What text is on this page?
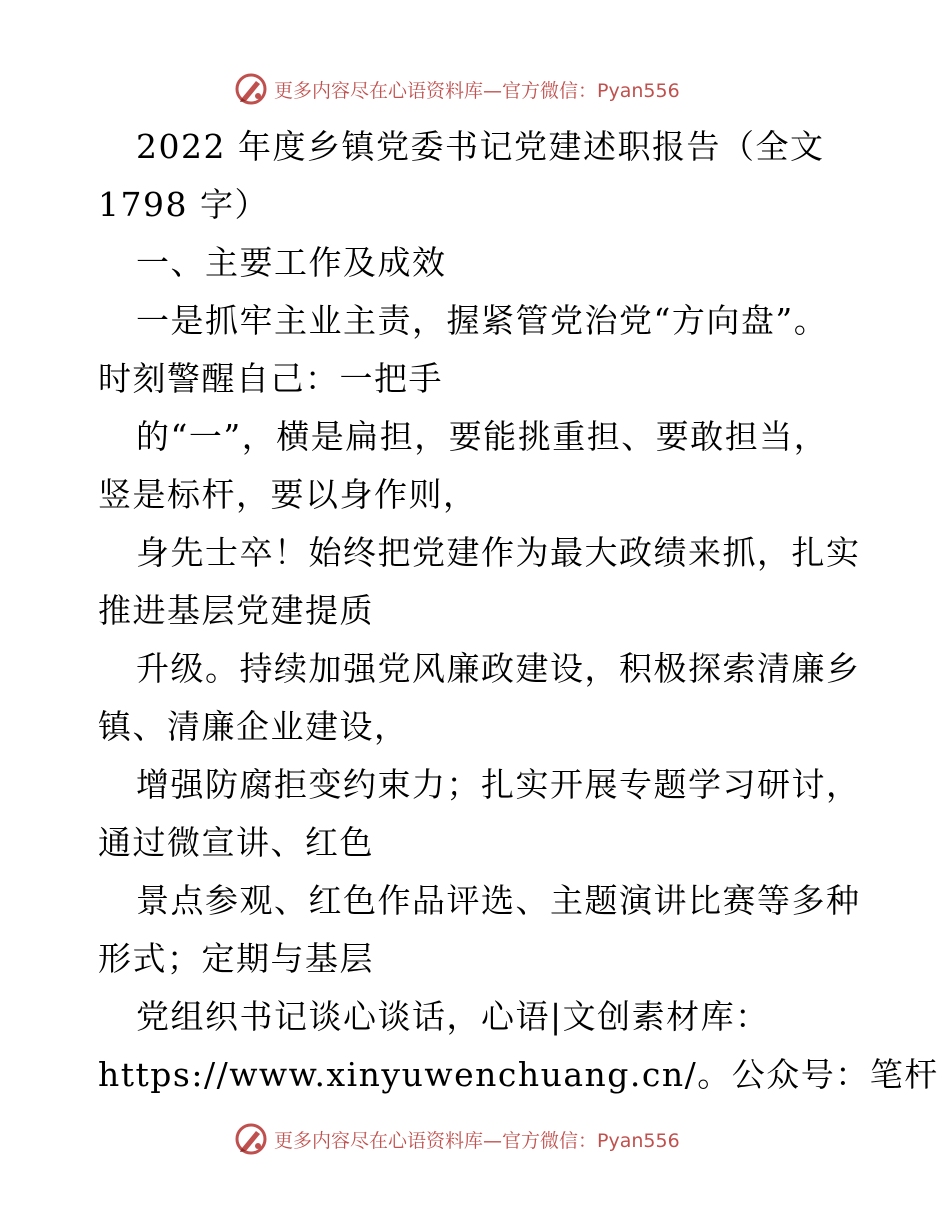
更多内容尽在心语资料库—官方微信：Pyan556
2022 年度乡镇党委书记党建述职报告（全文
1798 字）
一、主要工作及成效
一是抓牢主业主责，握紧管党治党“方向盘”。
时刻警醒自己：一把手
的“一”，横是扁担，要能挑重担、要敢担当，
竖是标杆，要以身作则，
身先士卒！始终把党建作为最大政绩来抓，扎实
推进基层党建提质
升级。持续加强党风廉政建设，积极探索清廉乡
镇、清廉企业建设，
增强防腐拒变约束力；扎实开展专题学习研讨，
通过微宣讲、红色
景点参观、红色作品评选、主题演讲比赛等多种
形式；定期与基层
党组织书记谈心谈话，心语|文创素材库：
https://www.xinyuwenchuang.cn/。公众号：笔杆
更多内容尽在心语资料库—官方微信：Pyan556
